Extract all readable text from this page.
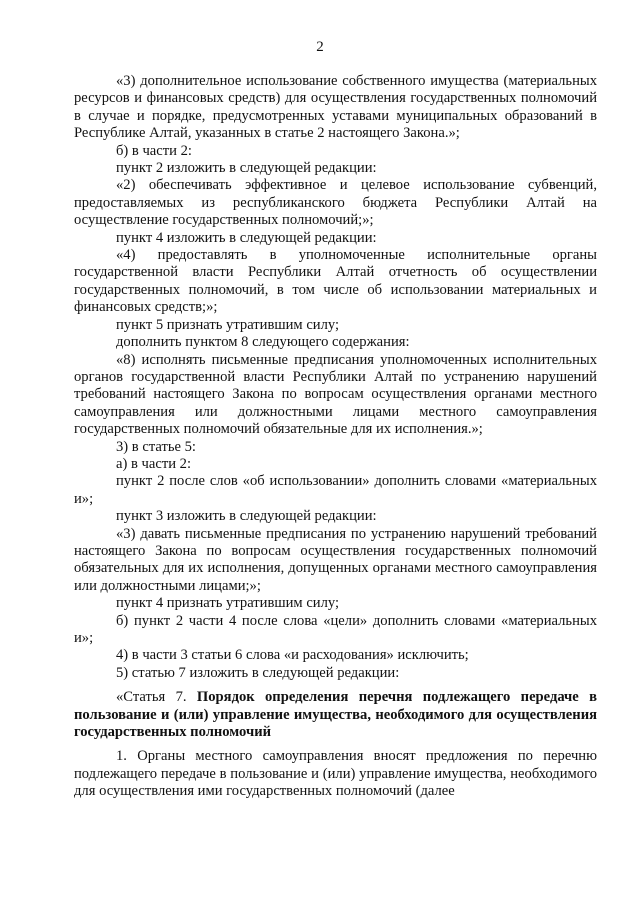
2

«3) дополнительное использование собственного имущества (материальных ресурсов и финансовых средств) для осуществления государственных полномочий в случае и порядке, предусмотренных уставами муниципальных образований в Республике Алтай, указанных в статье 2 настоящего Закона.»;

б) в части 2:

пункт 2 изложить в следующей редакции:

«2) обеспечивать эффективное и целевое использование субвенций, предоставляемых из республиканского бюджета Республики Алтай на осуществление государственных полномочий;»;

пункт 4 изложить в следующей редакции:

«4) предоставлять в уполномоченные исполнительные органы государственной власти Республики Алтай отчетность об осуществлении государственных полномочий, в том числе об использовании материальных и финансовых средств;»;

пункт 5 признать утратившим силу;

дополнить пунктом 8 следующего содержания:

«8) исполнять письменные предписания уполномоченных исполнительных органов государственной власти Республики Алтай по устранению нарушений требований настоящего Закона по вопросам осуществления органами местного самоуправления или должностными лицами местного самоуправления государственных полномочий обязательные для их исполнения.»;

3) в статье 5:

а) в части 2:

пункт 2 после слов «об использовании» дополнить словами «материальных и»;

пункт 3 изложить в следующей редакции:

«3) давать письменные предписания по устранению нарушений требований настоящего Закона по вопросам осуществления государственных полномочий обязательных для их исполнения, допущенных органами местного самоуправления или должностными лицами;»;

пункт 4 признать утратившим силу;

б) пункт 2 части 4 после слова «цели» дополнить словами «материальных и»;

4) в части 3 статьи 6 слова «и расходования» исключить;

5) статью 7 изложить в следующей редакции:

«Статья 7. Порядок определения перечня подлежащего передаче в пользование и (или) управление имущества, необходимого для осуществления государственных полномочий

1. Органы местного самоуправления вносят предложения по перечню подлежащего передаче в пользование и (или) управление имущества, необходимого для осуществления ими государственных полномочий (далее
